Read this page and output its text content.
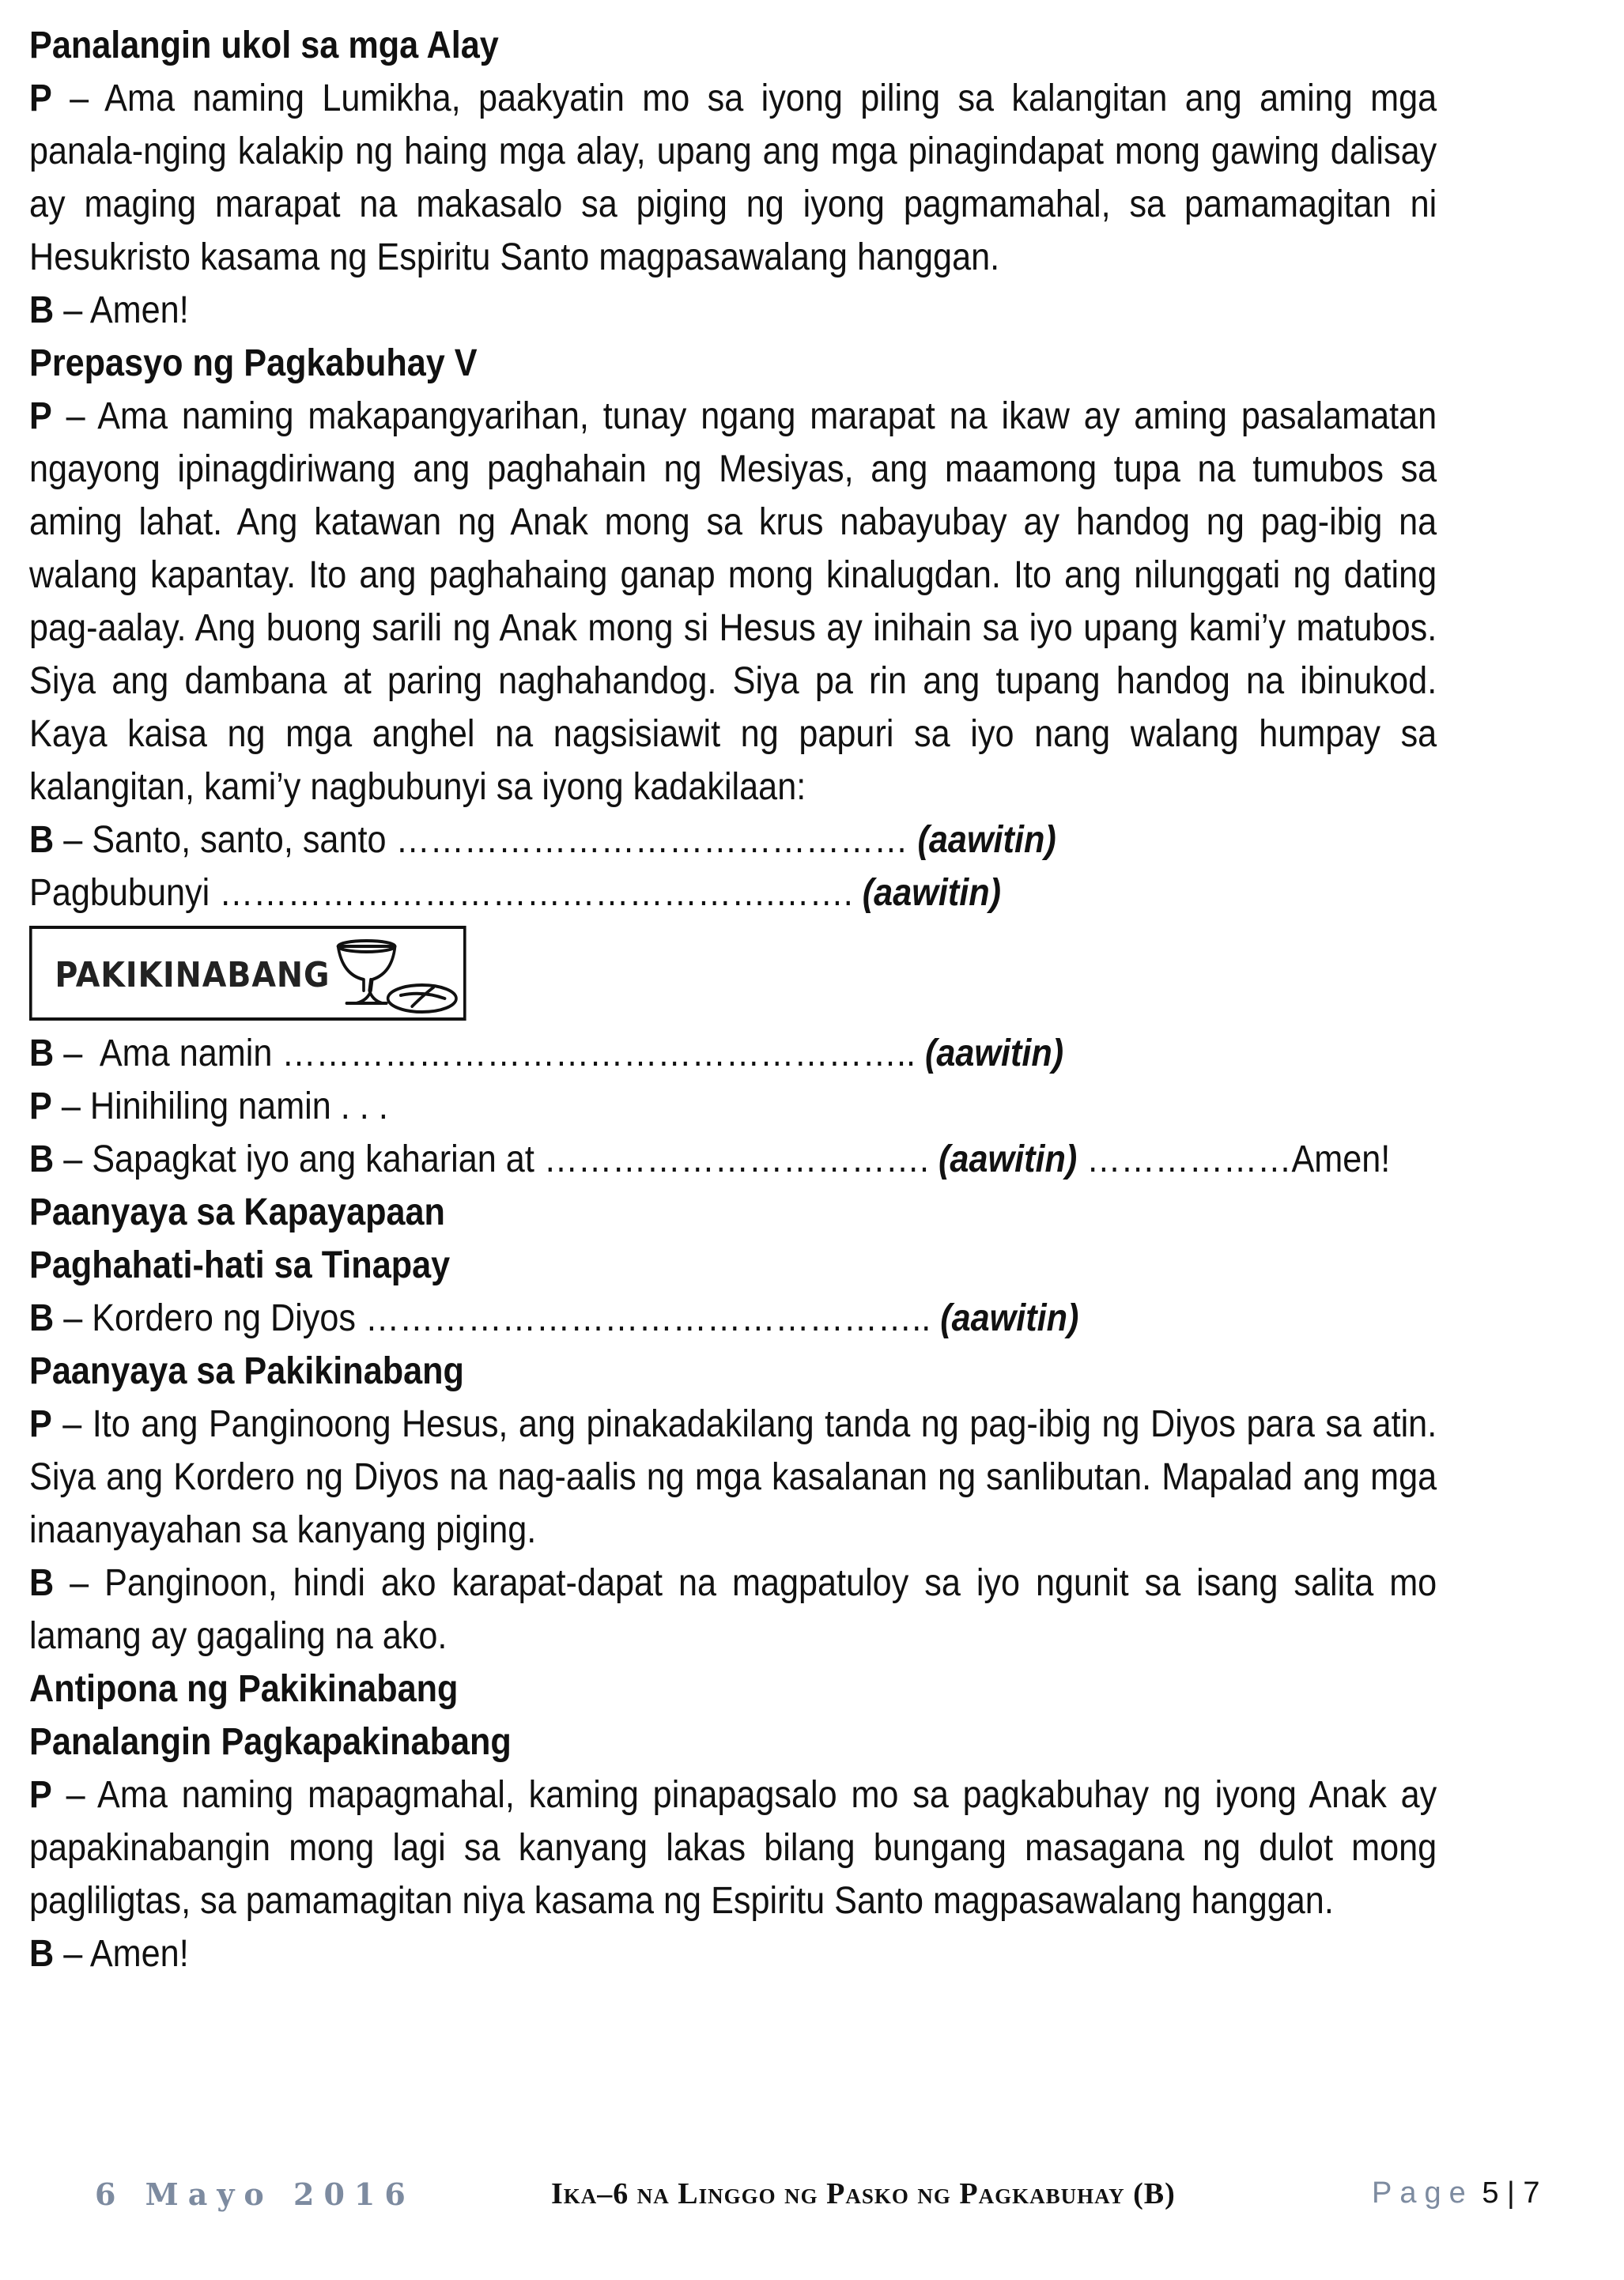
Panalangin ukol sa mga Alay

P – Ama naming Lumikha, paakyatin mo sa iyong piling sa kalangitan ang aming mga panala-nging kalakip ng haing mga alay, upang ang mga pinagindapat mong gawing dalisay ay maging marapat na makasalo sa piging ng iyong pagmamahal, sa pamamagitan ni Hesukristo kasama ng Espiritu Santo magpasawalang hanggan.

B – Amen!

Prepasyo ng Pagkabuhay V

P – Ama naming makapangyarihan, tunay ngang marapat na ikaw ay aming pasalamatan ngayong ipinagdiriwang ang paghahain ng Mesiyas, ang maamong tupa na tumubos sa aming lahat. Ang katawan ng Anak mong sa krus nabayubay ay handog ng pag-ibig na walang kapantay. Ito ang paghahaing ganap mong kinalugdan. Ito ang nilunggati ng dating pag-aalay. Ang buong sarili ng Anak mong si Hesus ay inihain sa iyo upang kami’y matubos. Siya ang dambana at paring naghahandog. Siya pa rin ang tupang handog na ibinukod. Kaya kaisa ng mga anghel na nagsisiawit ng papuri sa iyo nang walang humpay sa kalangitan, kami’y nagbubunyi sa iyong kadakilaan:

B – Santo, santo, santo ……………………………………… (aawitin)

Pagbubunyi ………………………………………….……. (aawitin)

PAKIKINABANG

B –  Ama namin ……………………………………………….. (aawitin)

P – Hinihiling namin . . .

B – Sapagkat iyo ang kaharian at ……………………………. (aawitin) ………………Amen!

Paanyaya sa Kapayapaan

Paghahati-hati sa Tinapay

B – Kordero ng Diyos ………………………………………….. (aawitin)

Paanyaya sa Pakikinabang

P – Ito ang Panginoong Hesus, ang pinakadakilang tanda ng pag-ibig ng Diyos para sa atin. Siya ang Kordero ng Diyos na nag-aalis ng mga kasalanan ng sanlibutan. Mapalad ang mga inaanyayahan sa kanyang piging.

B – Panginoon, hindi ako karapat-dapat na magpatuloy sa iyo ngunit sa isang salita mo lamang ay gagaling na ako.

Antipona ng Pakikinabang

Panalangin Pagkapakinabang

P – Ama naming mapagmahal, kaming pinapagsalo mo sa pagkabuhay ng iyong Anak ay papakinabangin mong lagi sa kanyang lakas bilang bungang masagana ng dulot mong pagliligtas, sa pamamagitan niya kasama ng Espiritu Santo magpasawalang hanggan.

B – Amen!

6 Mayo 2016	Ika–6 na Linggo ng Pasko ng Pagkabuhay (B)	Page 5 | 7
